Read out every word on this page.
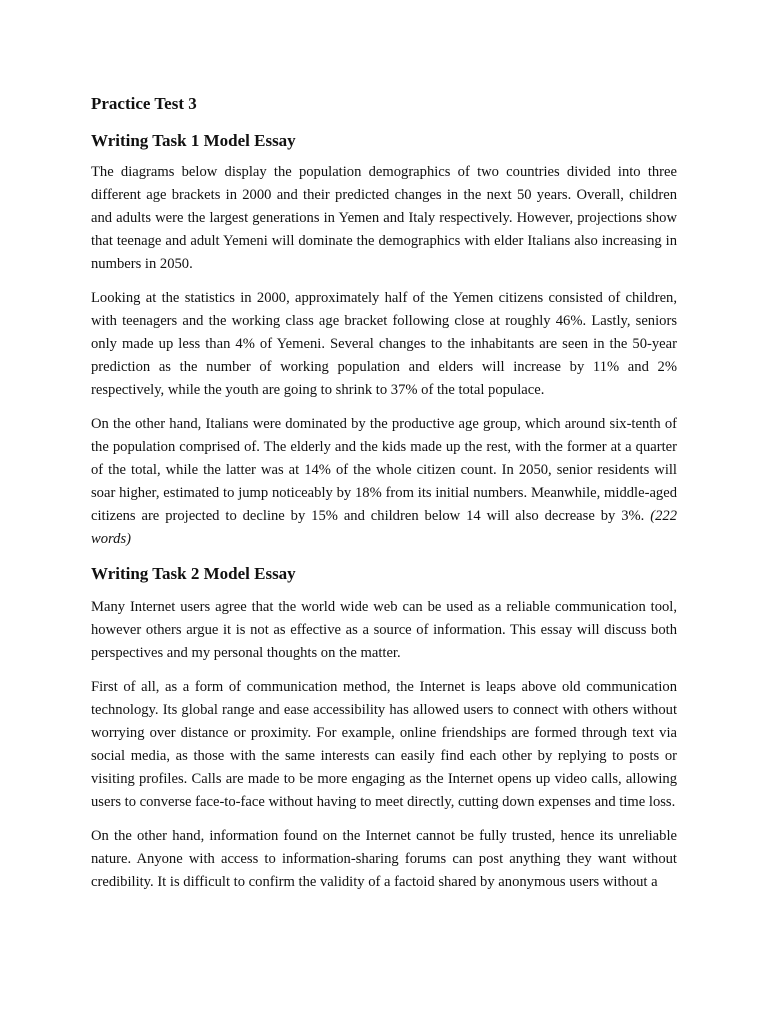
Practice Test 3
Writing Task 1 Model Essay

The diagrams below display the population demographics of two countries divided into three different age brackets in 2000 and their predicted changes in the next 50 years. Overall, children and adults were the largest generations in Yemen and Italy respectively. However, projections show that teenage and adult Yemeni will dominate the demographics with elder Italians also increasing in numbers in 2050.

Looking at the statistics in 2000, approximately half of the Yemen citizens consisted of children, with teenagers and the working class age bracket following close at roughly 46%. Lastly, seniors only made up less than 4% of Yemeni. Several changes to the inhabitants are seen in the 50-year prediction as the number of working population and elders will increase by 11% and 2% respectively, while the youth are going to shrink to 37% of the total populace.

On the other hand, Italians were dominated by the productive age group, which around six-tenth of the population comprised of. The elderly and the kids made up the rest, with the former at a quarter of the total, while the latter was at 14% of the whole citizen count. In 2050, senior residents will soar higher, estimated to jump noticeably by 18% from its initial numbers. Meanwhile, middle-aged citizens are projected to decline by 15% and children below 14 will also decrease by 3%. (222 words)

Writing Task 2 Model Essay

Many Internet users agree that the world wide web can be used as a reliable communication tool, however others argue it is not as effective as a source of information. This essay will discuss both perspectives and my personal thoughts on the matter.

First of all, as a form of communication method, the Internet is leaps above old communication technology. Its global range and ease accessibility has allowed users to connect with others without worrying over distance or proximity. For example, online friendships are formed through text via social media, as those with the same interests can easily find each other by replying to posts or visiting profiles. Calls are made to be more engaging as the Internet opens up video calls, allowing users to converse face-to-face without having to meet directly, cutting down expenses and time loss.

On the other hand, information found on the Internet cannot be fully trusted, hence its unreliable nature. Anyone with access to information-sharing forums can post anything they want without credibility. It is difficult to confirm the validity of a factoid shared by anonymous users without a
